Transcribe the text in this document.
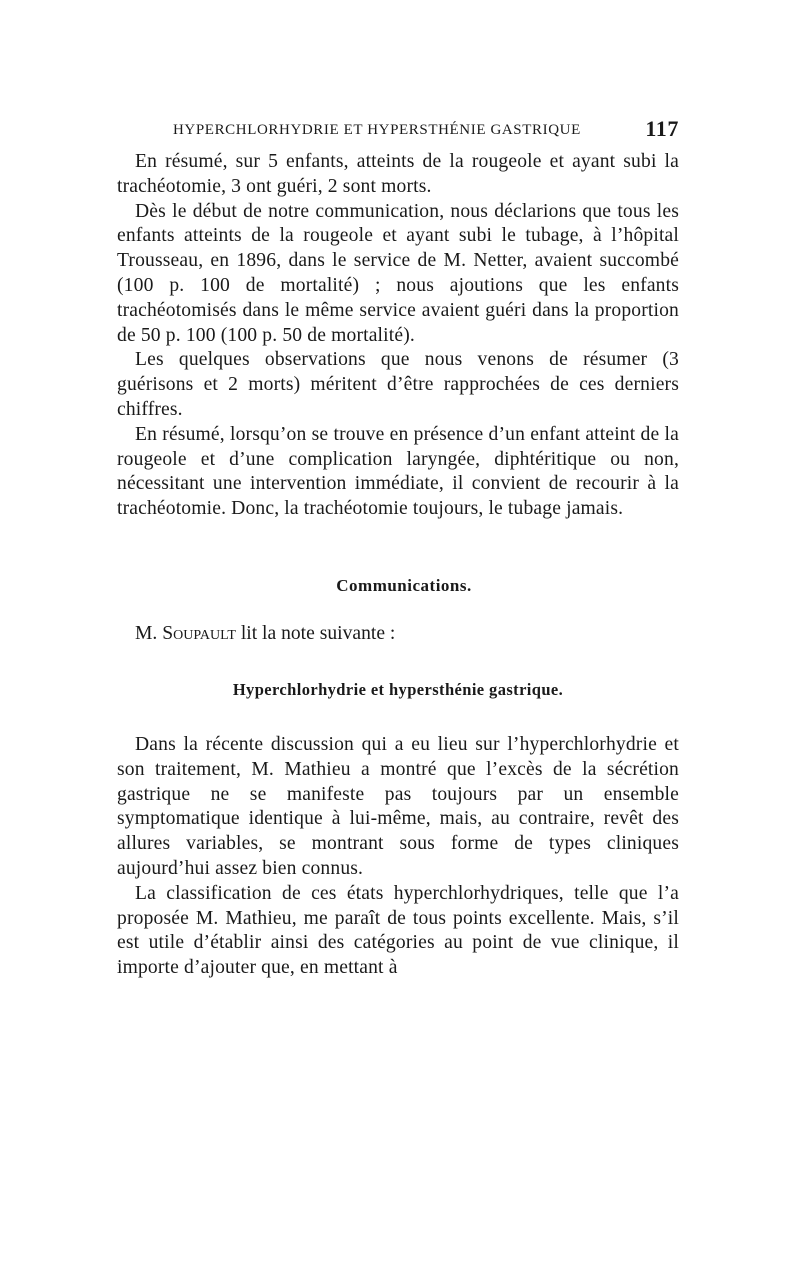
HYPERCHLORHYDRIE ET HYPERSTHÉNIE GASTRIQUE	117

En résumé, sur 5 enfants, atteints de la rougeole et ayant subi la trachéotomie, 3 ont guéri, 2 sont morts.

Dès le début de notre communication, nous déclarions que tous les enfants atteints de la rougeole et ayant subi le tubage, à l’hôpital Trousseau, en 1896, dans le service de M. Netter, avaient succombé (100 p. 100 de mortalité) ; nous ajoutions que les enfants trachéotomisés dans le même service avaient guéri dans la proportion de 50 p. 100 (100 p. 50 de mortalité).

Les quelques observations que nous venons de résumer (3 guérisons et 2 morts) méritent d’être rapprochées de ces derniers chiffres.

En résumé, lorsqu’on se trouve en présence d’un enfant atteint de la rougeole et d’une complication laryngée, diphtéritique ou non, nécessitant une intervention immédiate, il convient de recourir à la trachéotomie. Donc, la trachéotomie toujours, le tubage jamais.

Communications.
M. Soupault lit la note suivante :
Hyperchlorhydrie et hypersthénie gastrique.

Dans la récente discussion qui a eu lieu sur l’hyperchlorhydrie et son traitement, M. Mathieu a montré que l’excès de la sécrétion gastrique ne se manifeste pas toujours par un ensemble symptomatique identique à lui-même, mais, au contraire, revêt des allures variables, se montrant sous forme de types cliniques aujourd’hui assez bien connus.

La classification de ces états hyperchlorhydriques, telle que l’a proposée M. Mathieu, me paraît de tous points excellente. Mais, s’il est utile d’établir ainsi des catégories au point de vue clinique, il importe d’ajouter que, en mettant à
